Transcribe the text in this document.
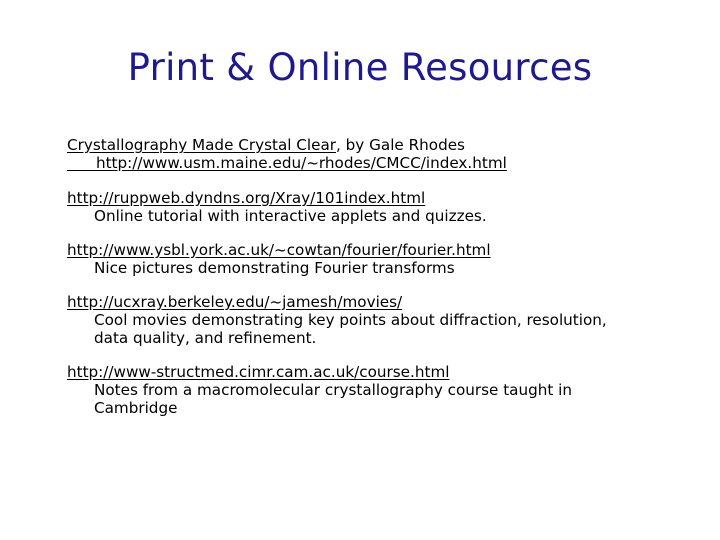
Print & Online Resources
Crystallography Made Crystal Clear, by Gale Rhodes
http://www.usm.maine.edu/~rhodes/CMCC/index.html
http://ruppweb.dyndns.org/Xray/101index.html
Online tutorial with interactive applets and quizzes.
http://www.ysbl.york.ac.uk/~cowtan/fourier/fourier.html
Nice pictures demonstrating Fourier transforms
http://ucxray.berkeley.edu/~jamesh/movies/
Cool movies demonstrating key points about diffraction, resolution,
data quality, and refinement.
http://www-structmed.cimr.cam.ac.uk/course.html
Notes from a macromolecular crystallography course taught in
Cambridge
